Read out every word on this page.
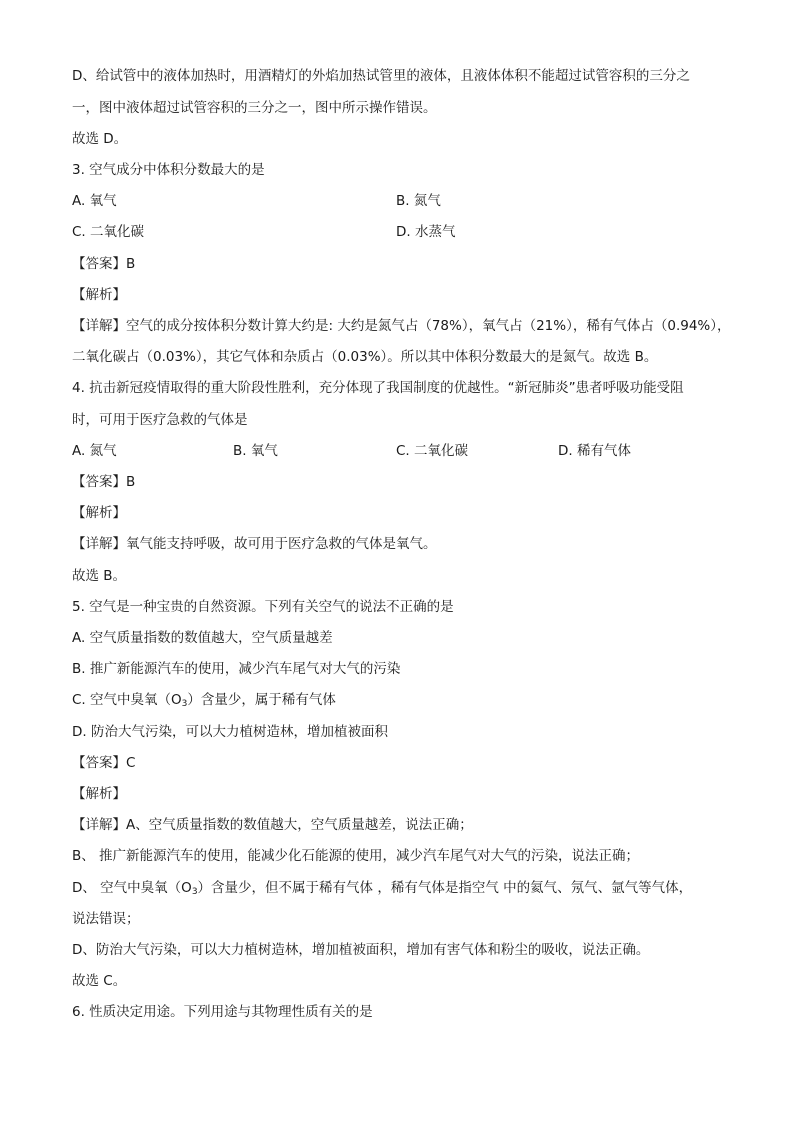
D、给试管中的液体加热时，用酒精灯的外焰加热试管里的液体，且液体体积不能超过试管容积的三分之
一，图中液体超过试管容积的三分之一，图中所示操作错误。
故选 D。
3. 空气成分中体积分数最大的是
A. 氧气	B. 氮气
C. 二氧化碳	D. 水蒸气
【答案】B
【解析】
【详解】空气的成分按体积分数计算大约是: 大约是氮气占（78%），氧气占（21%），稀有气体占（0.94%），
二氧化碳占（0.03%），其它气体和杂质占（0.03%）。所以其中体积分数最大的是氮气。故选 B。
4. 抗击新冠疫情取得的重大阶段性胜利，充分体现了我国制度的优越性。“新冠肺炎”患者呼吸功能受阻
时，可用于医疗急救的气体是
A. 氮气	B. 氧气	C. 二氧化碳	D. 稀有气体
【答案】B
【解析】
【详解】氧气能支持呼吸，故可用于医疗急救的气体是氧气。
故选 B。
5. 空气是一种宝贵的自然资源。下列有关空气的说法不正确的是
A. 空气质量指数的数值越大，空气质量越差
B. 推广新能源汽车的使用，减少汽车尾气对大气的污染
C. 空气中臭氧$(O_3)$含量少，属于稀有气体
D. 防治大气污染，可以大力植树造林，增加植被面积
【答案】C
【解析】
【详解】A、空气质量指数的数值越大，空气质量越差，说法正确；
B、 推广新能源汽车的使用，能减少化石能源的使用，减少汽车尾气对大气的污染，说法正确；
D、 空气中臭氧$(O_3)$含量少，但不属于稀有气体 ，稀有气体是指空气 中的氦气、氖气、氩气等气体，
说法错误；
D、防治大气污染，可以大力植树造林，增加植被面积，增加有害气体和粉尘的吸收，说法正确。
故选 C。
6. 性质决定用途。下列用途与其物理性质有关的是
